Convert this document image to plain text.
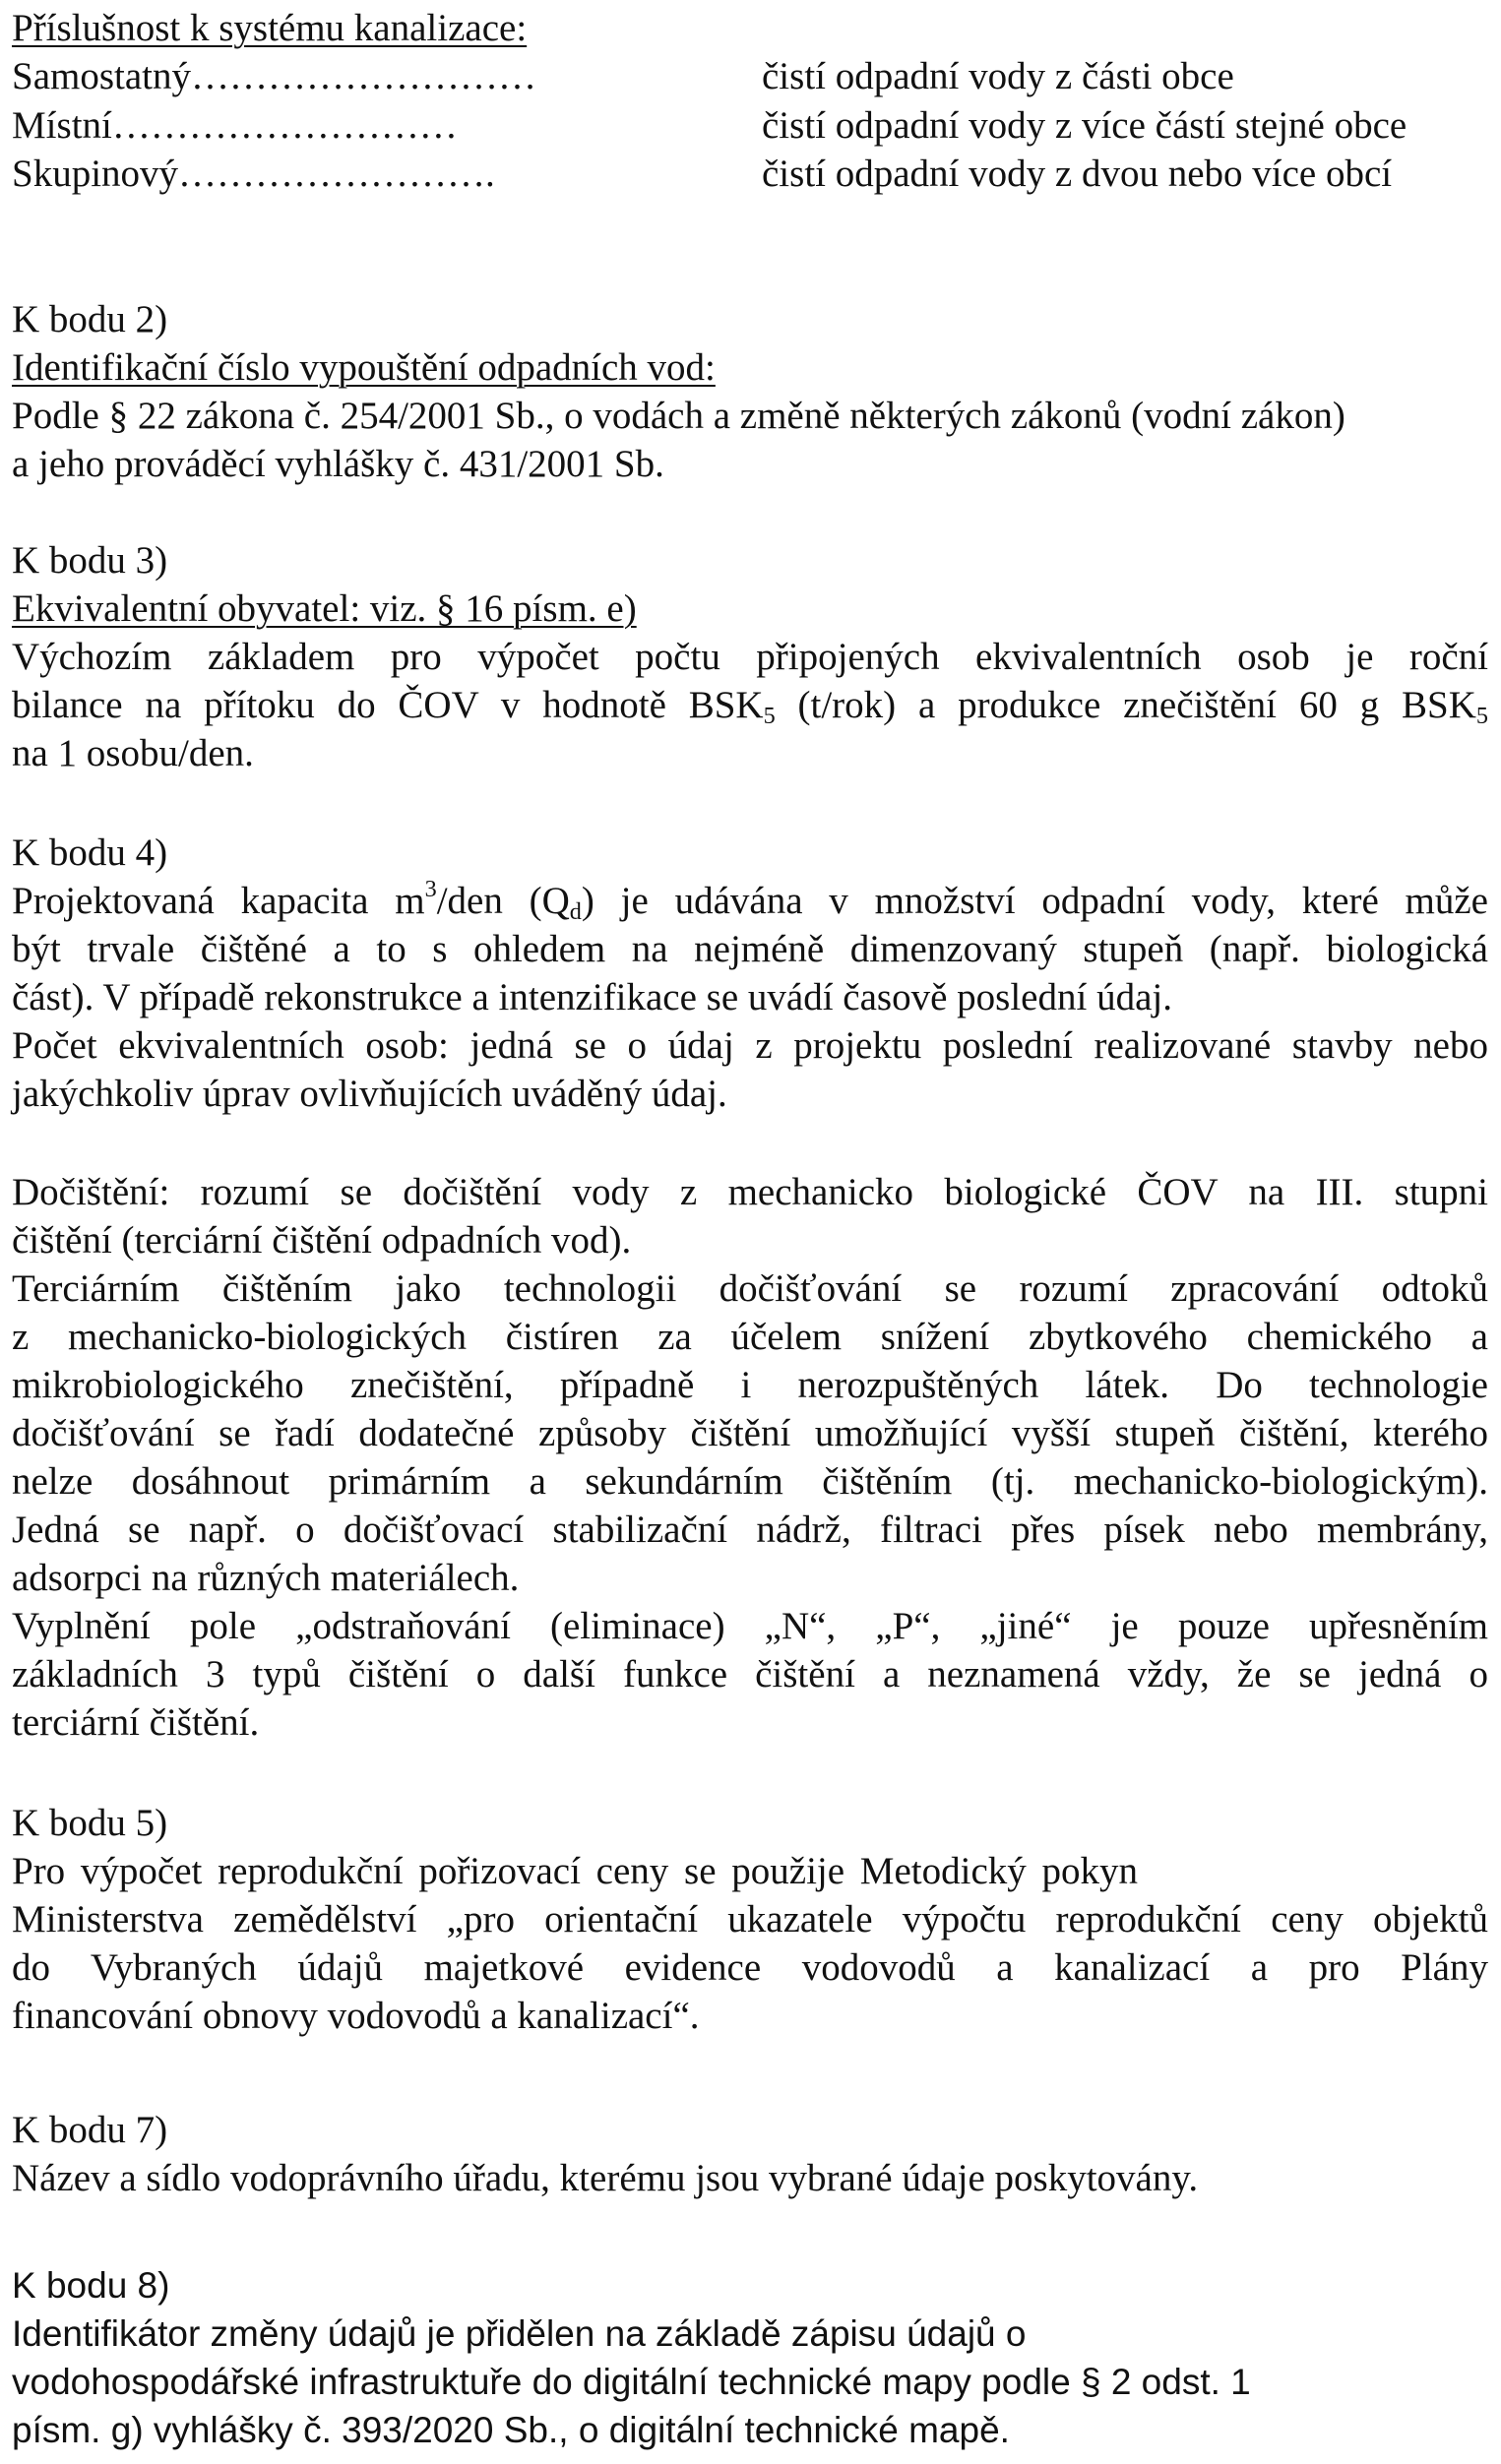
Příslušnost k systému kanalizace:
Samostatný………………………	čistí odpadní vody z části obce
Místní………………………	čistí odpadní vody z více částí stejné obce
Skupinový…………………….	čistí odpadní vody z dvou nebo více obcí
K bodu 2)
Identifikační číslo vypouštění odpadních vod:
Podle § 22 zákona č. 254/2001 Sb., o vodách a změně některých zákonů (vodní zákon)
a jeho prováděcí vyhlášky č. 431/2001 Sb.
K bodu 3)
Ekvivalentní obyvatel: viz. § 16 písm. e)
Výchozím základem pro výpočet počtu připojených ekvivalentních osob je roční
bilance na přítoku do ČOV v hodnotě $BSK_5$ (t/rok) a produkce znečištění 60 g $BSK_5$
na 1 osobu/den.
K bodu 4)
Projektovaná kapacita $m^3$/den $(Q_d)$ je udávána v množství odpadní vody, které může
být trvale čištěné a to s ohledem na nejméně dimenzovaný stupeň (např. biologická
část). V případě rekonstrukce a intenzifikace se uvádí časově poslední údaj.
Počet ekvivalentních osob: jedná se o údaj z projektu poslední realizované stavby nebo
jakýchkoliv úprav ovlivňujících uváděný údaj.
Dočištění: rozumí se dočištění vody z mechanicko biologické ČOV na III. stupni
čištění (terciární čištění odpadních vod).
Terciárním čištěním jako technologii dočišťování se rozumí zpracování odtoků
z mechanicko-biologických čistíren za účelem snížení zbytkového chemického a
mikrobiologického znečištění, případně i nerozpuštěných látek. Do technologie
dočišťování se řadí dodatečné způsoby čištění umožňující vyšší stupeň čištění, kterého
nelze dosáhnout primárním a sekundárním čištěním (tj. mechanicko-biologickým).
Jedná se např. o dočišťovací stabilizační nádrž, filtraci přes písek nebo membrány,
adsorpci na různých materiálech.
Vyplnění pole „odstraňování (eliminace) „N“, „P“, „jiné“ je pouze upřesněním
základních 3 typů čištění o další funkce čištění a neznamená vždy, že se jedná o
terciární čištění.
K bodu 5)
Pro výpočet reprodukční pořizovací ceny se použije Metodický pokyn
Ministerstva zemědělství „pro orientační ukazatele výpočtu reprodukční ceny objektů
do Vybraných údajů majetkové evidence vodovodů a kanalizací a pro Plány
financování obnovy vodovodů a kanalizací“.
K bodu 7)
Název a sídlo vodoprávního úřadu, kterému jsou vybrané údaje poskytovány.
K bodu 8)
Identifikátor změny údajů je přidělen na základě zápisu údajů o
vodohospodářské infrastruktuře do digitální technické mapy podle § 2 odst. 1
písm. g) vyhlášky č. 393/2020 Sb., o digitální technické mapě.
